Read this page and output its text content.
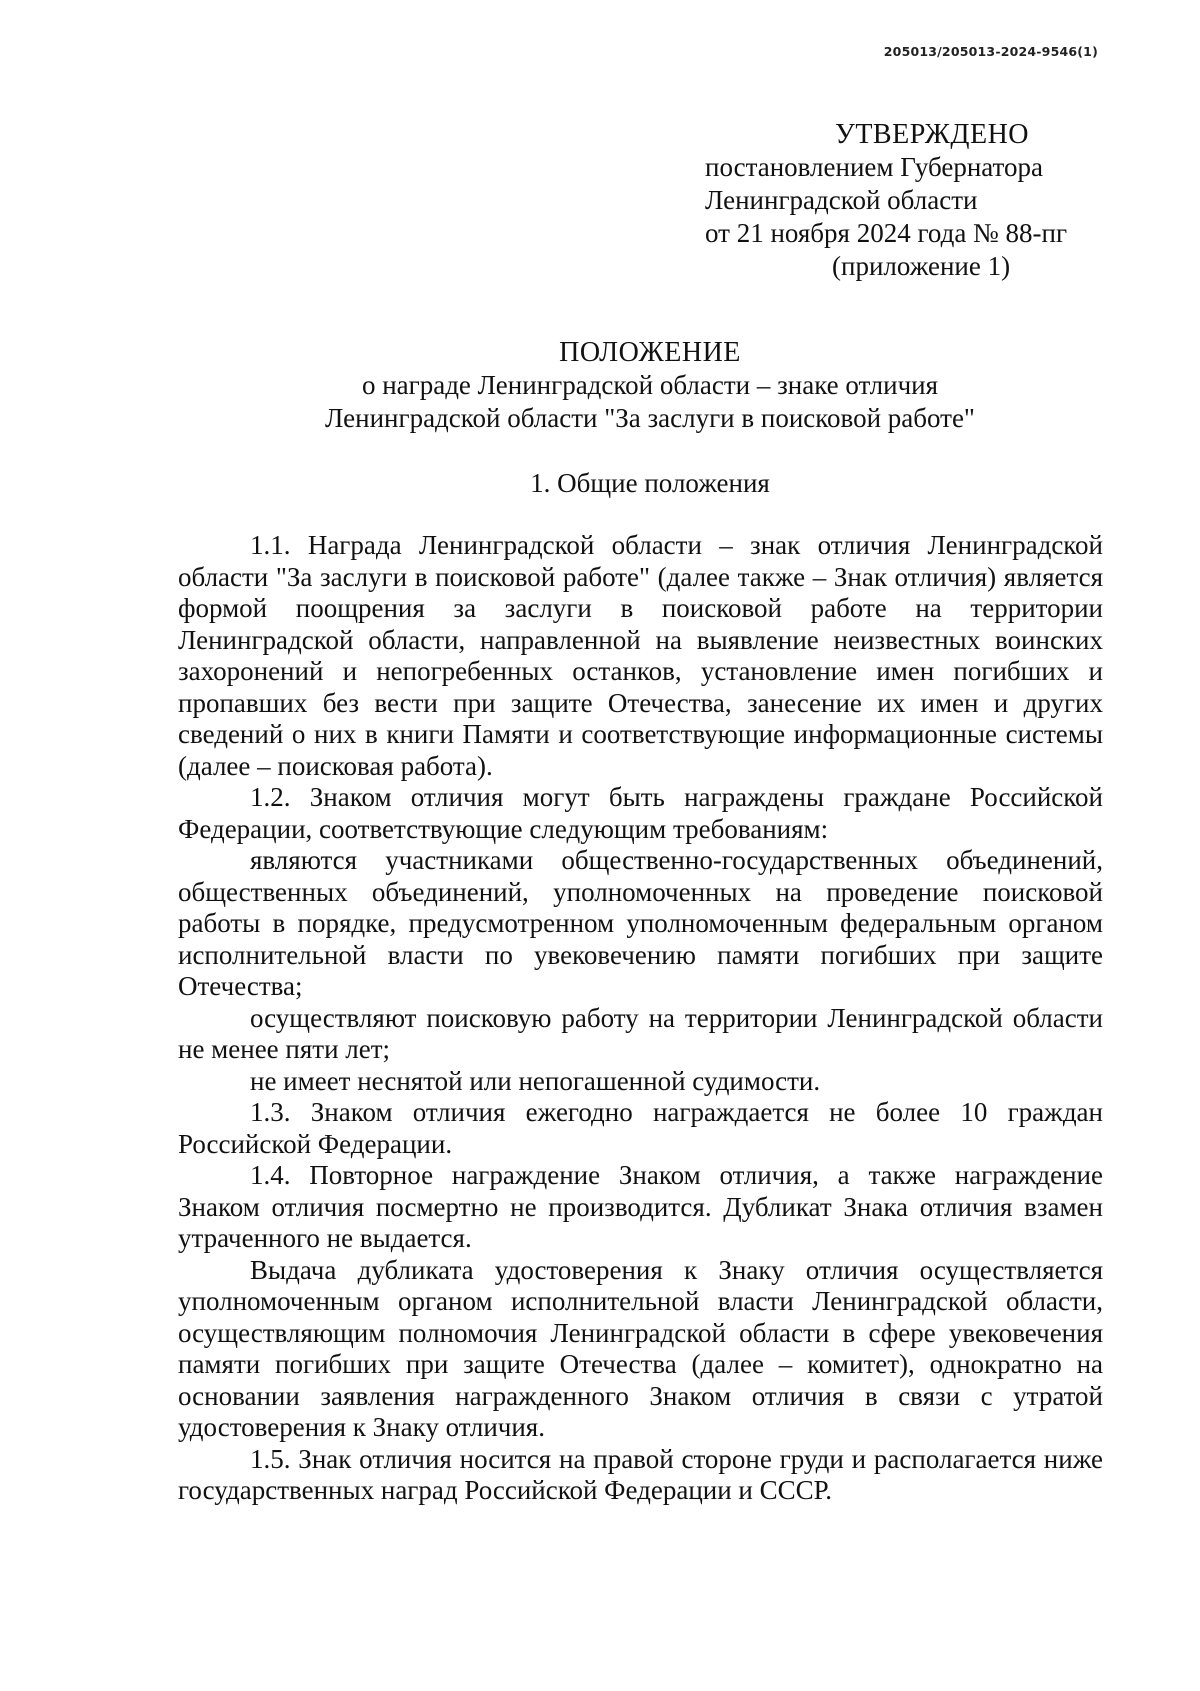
205013/205013-2024-9546(1)
УТВЕРЖДЕНО
постановлением Губернатора
Ленинградской области
от 21 ноября 2024 года № 88-пг
(приложение 1)
ПОЛОЖЕНИЕ
о награде Ленинградской области – знаке отличия
Ленинградской области "За заслуги в поисковой работе"
1. Общие положения

1.1. Награда Ленинградской области – знак отличия Ленинградской области "За заслуги в поисковой работе" (далее также – Знак отличия) является формой поощрения за заслуги в поисковой работе на территории Ленинградской области, направленной на выявление неизвестных воинских захоронений и непогребенных останков, установление имен погибших и пропавших без вести при защите Отечества, занесение их имен и других сведений о них в книги Памяти и соответствующие информационные системы (далее – поисковая работа).

1.2. Знаком отличия могут быть награждены граждане Российской Федерации, соответствующие следующим требованиям:

являются участниками общественно-государственных объединений, общественных объединений, уполномоченных на проведение поисковой работы в порядке, предусмотренном уполномоченным федеральным органом исполнительной власти по увековечению памяти погибших при защите Отечества;

осуществляют поисковую работу на территории Ленинградской области не менее пяти лет;

не имеет неснятой или непогашенной судимости.

1.3. Знаком отличия ежегодно награждается не более 10 граждан Российской Федерации.

1.4. Повторное награждение Знаком отличия, а также награждение Знаком отличия посмертно не производится. Дубликат Знака отличия взамен утраченного не выдается.

Выдача дубликата удостоверения к Знаку отличия осуществляется уполномоченным органом исполнительной власти Ленинградской области, осуществляющим полномочия Ленинградской области в сфере увековечения памяти погибших при защите Отечества (далее – комитет), однократно на основании заявления награжденного Знаком отличия в связи с утратой удостоверения к Знаку отличия.

1.5. Знак отличия носится на правой стороне груди и располагается ниже государственных наград Российской Федерации и СССР.
